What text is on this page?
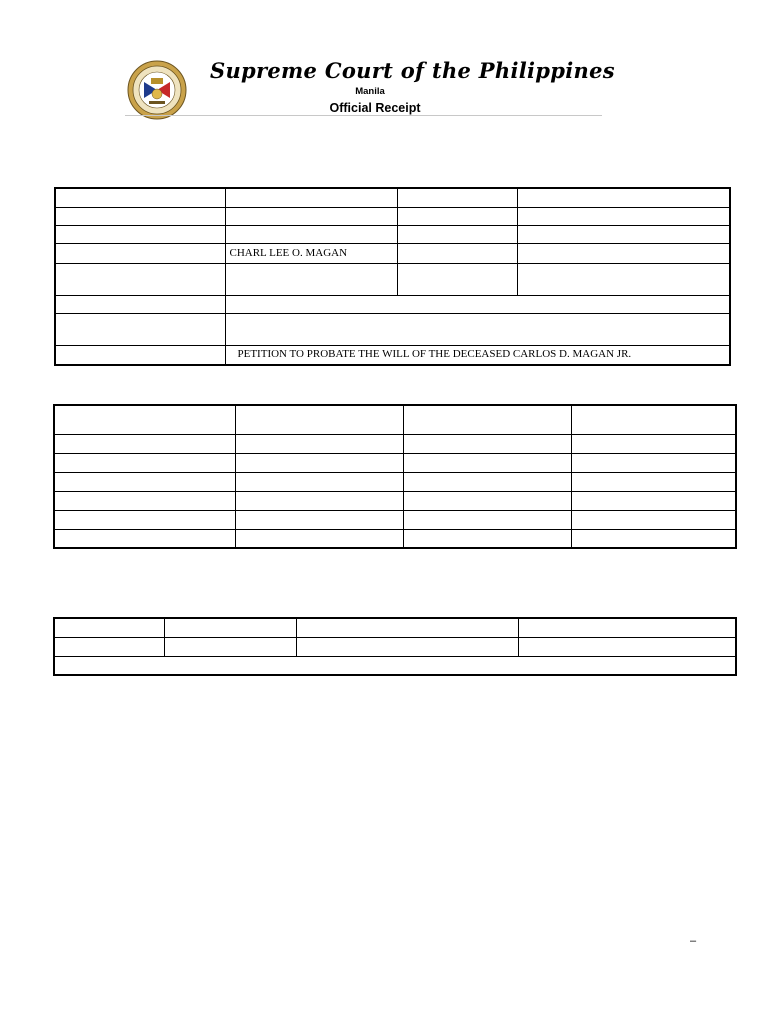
Supreme Court of the Philippines
Manila
Official Receipt

	CHARL LEE O. MAGAN		

	PETITION TO PROBATE THE WILL OF THE DECEASED CARLOS D. MAGAN JR.		

–
